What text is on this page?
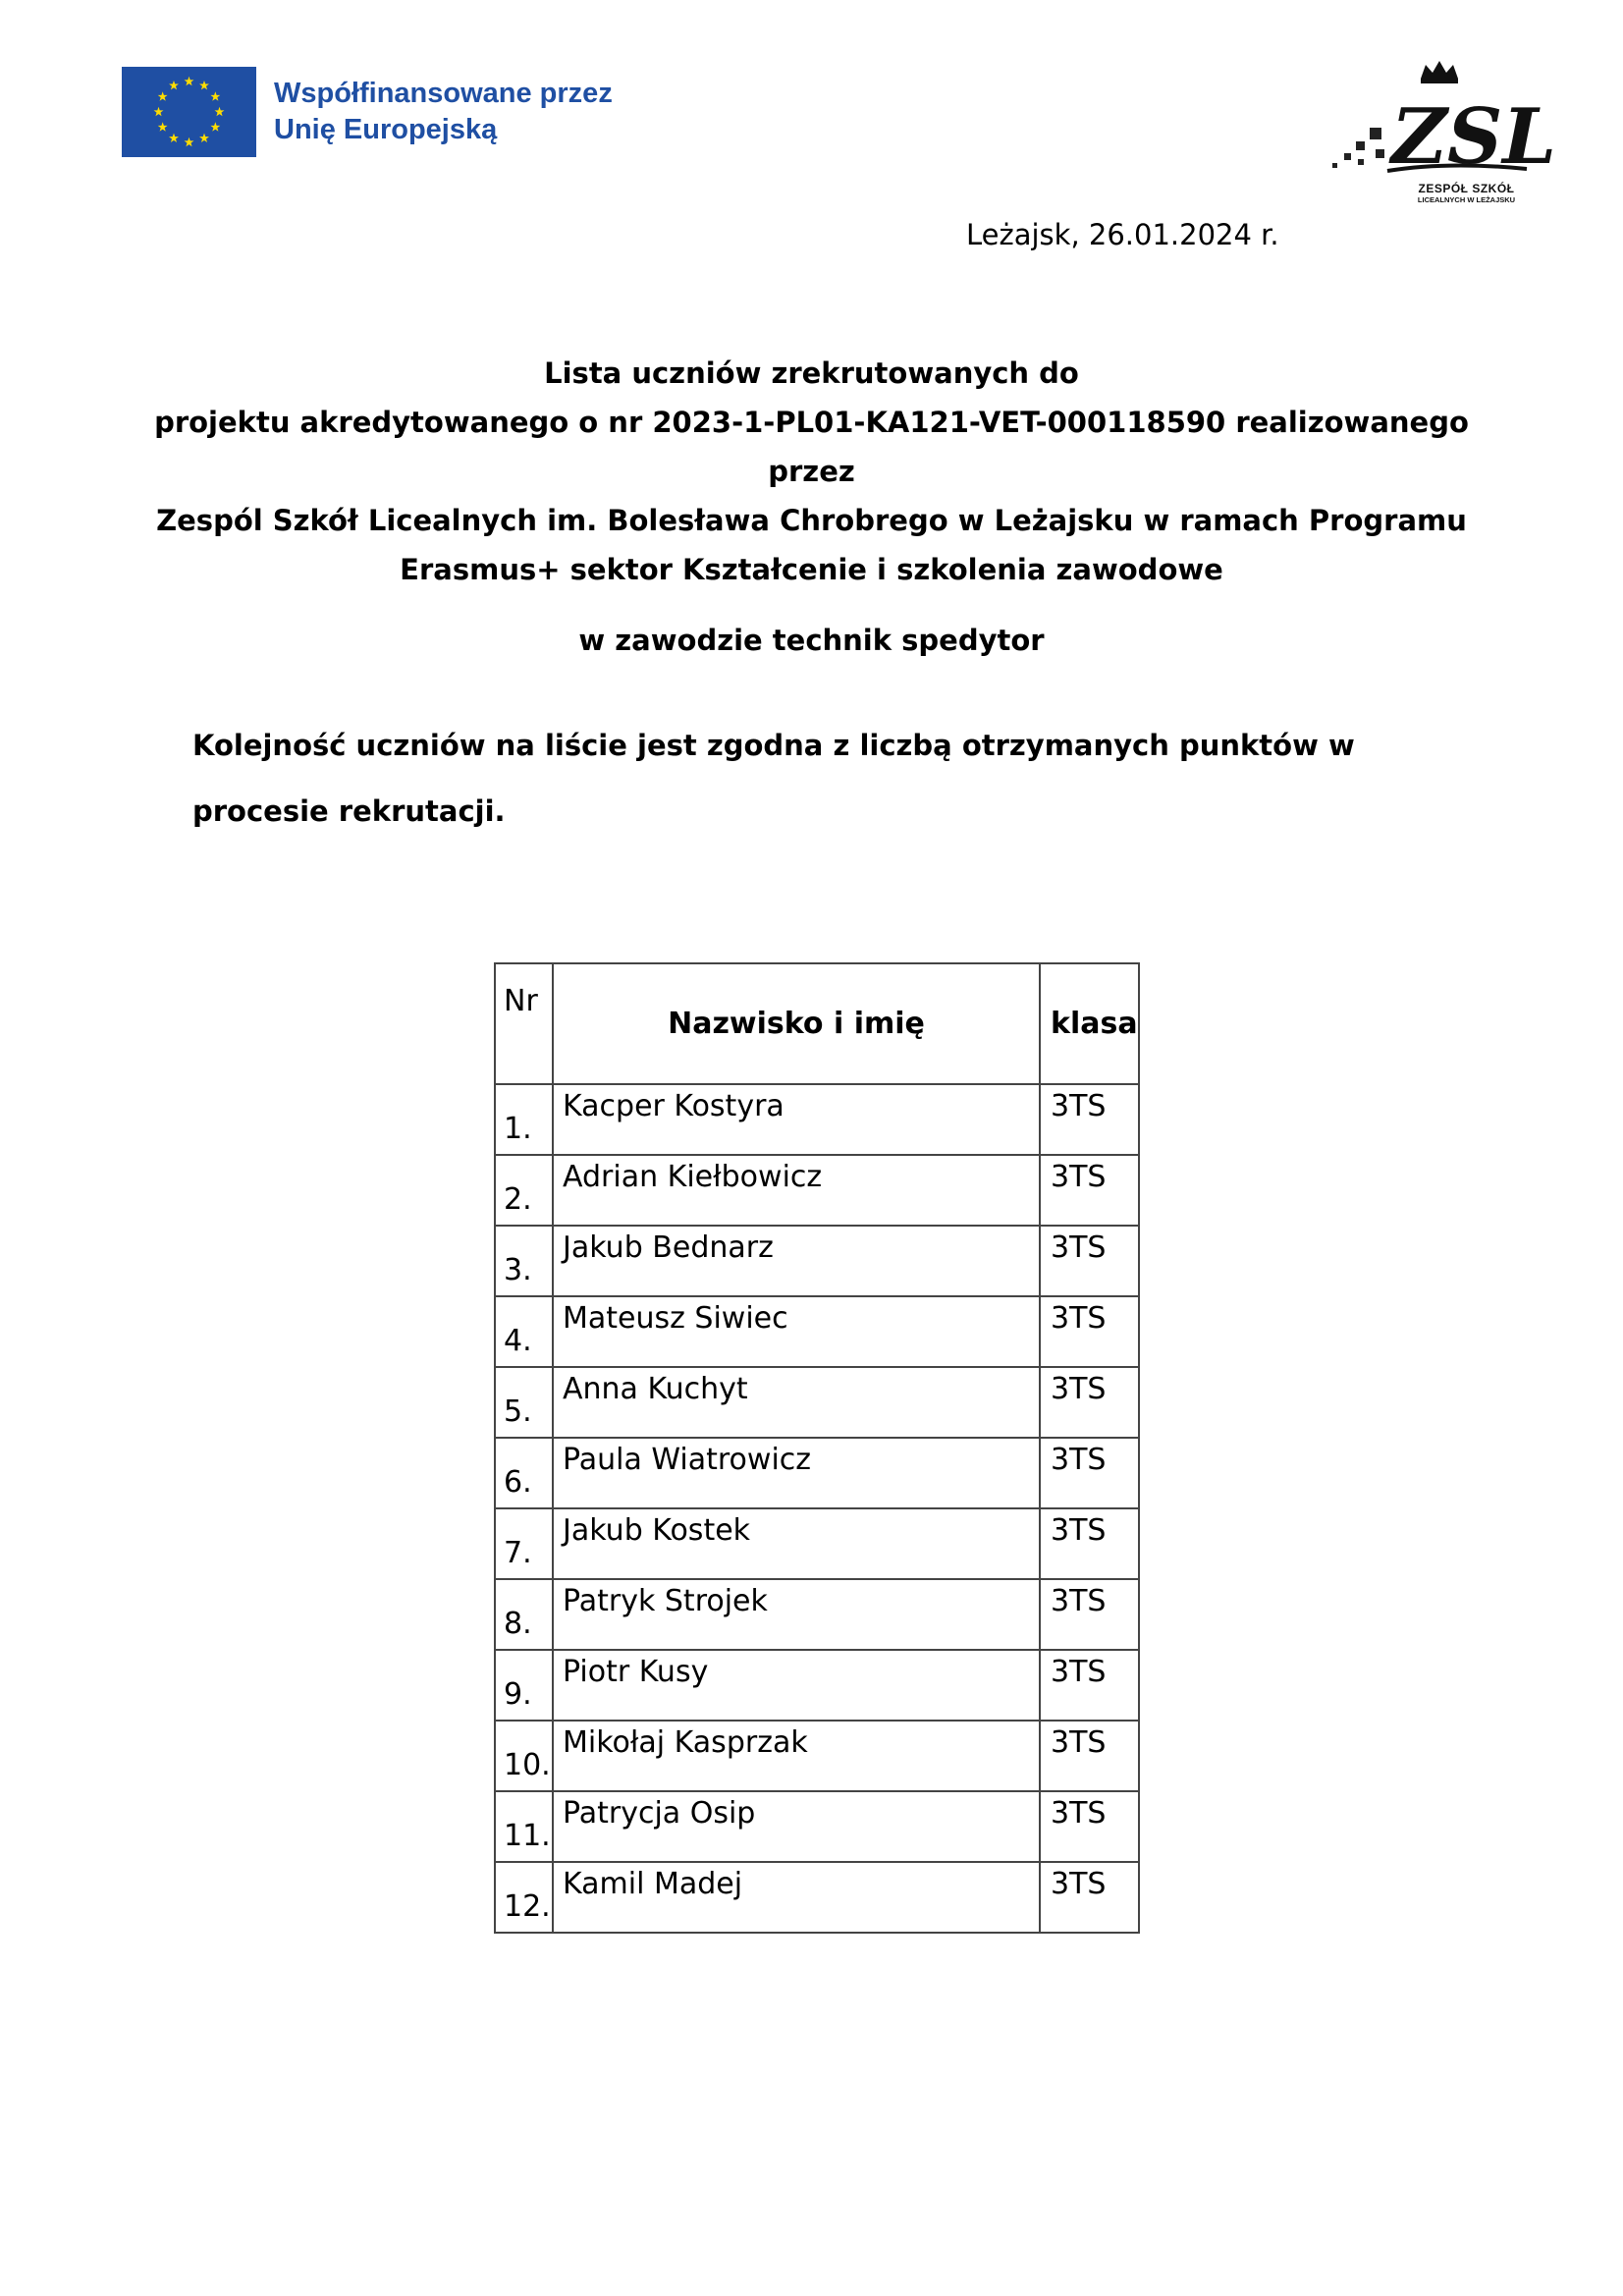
Współfinansowane przez
Unię Europejską	ZSL
ZESPÓŁ SZKÓŁ
LICEALNYCH W LEŻAJSKU
Leżajsk, 26.01.2024 r.
Lista uczniów zrekrutowanych do
projektu akredytowanego o nr 2023-1-PL01-KA121-VET-000118590 realizowanego
przez
Zespól Szkół Licealnych im. Bolesława Chrobrego w Leżajsku w ramach Programu
Erasmus+ sektor Kształcenie i szkolenia zawodowe
w zawodzie technik spedytor
Kolejność uczniów na liście jest zgodna z liczbą otrzymanych punktów w procesie rekrutacji.
Nr	Nazwisko i imię	klasa

1.	Kacper Kostyra	3TS

2.	Adrian Kiełbowicz	3TS

3.	Jakub Bednarz	3TS

4.	Mateusz Siwiec	3TS

5.	Anna Kuchyt	3TS

6.	Paula Wiatrowicz	3TS

7.	Jakub Kostek	3TS

8.	Patryk Strojek	3TS

9.	Piotr Kusy	3TS

10.	Mikołaj Kasprzak	3TS

11.	Patrycja Osip	3TS

12.	Kamil Madej	3TS
